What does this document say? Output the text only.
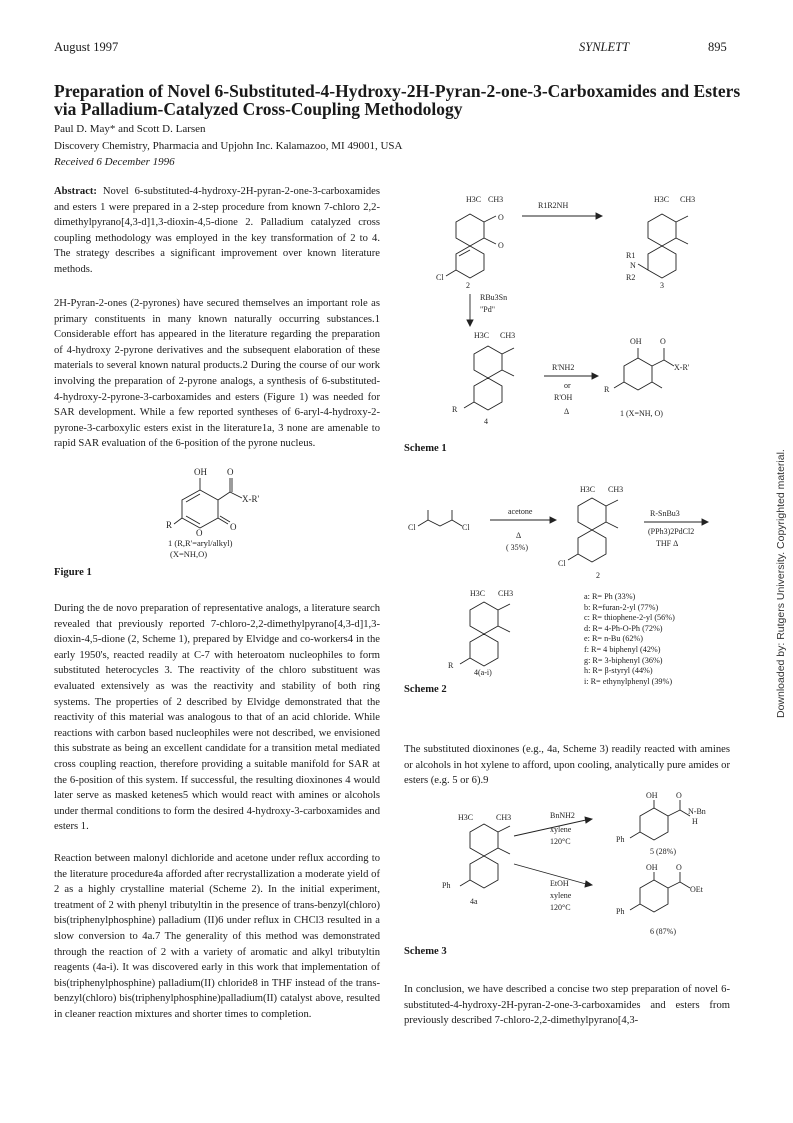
August 1997	SYNLETT	895
Preparation of Novel 6-Substituted-4-Hydroxy-2H-Pyran-2-one-3-Carboxamides and Esters via Palladium-Catalyzed Cross-Coupling Methodology
Paul D. May* and Scott D. Larsen
Discovery Chemistry, Pharmacia and Upjohn Inc. Kalamazoo, MI 49001, USA
Received 6 December 1996
Abstract: Novel 6-substituted-4-hydroxy-2H-pyran-2-one-3-carboxamides and esters 1 were prepared in a 2-step procedure from known 7-chloro 2,2-dimethylpyrano[4,3-d]1,3-dioxin-4,5-dione 2. Palladium catalyzed cross coupling methodology was employed in the key transformation of 2 to 4. The strategy describes a significant improvement over known literature methods.
2H-Pyran-2-ones (2-pyrones) have secured themselves an important role as primary constituents in many known naturally occurring substances.1 Considerable effort has appeared in the literature regarding the preparation of 4-hydroxy 2-pyrone derivatives and the subsequent elaboration of these materials to several known natural products.2 During the course of our work involving the preparation of 2-pyrone analogs, a synthesis of 6-substituted-4-hydroxy-2-pyrone-3-carboxamides and esters (Figure 1) was needed for SAR development. While a few reported syntheses of 6-aryl-4-hydroxy-2-pyrone-3-carboxylic esters exist in the literature1a, 3 none are amenable to rapid SAR evaluation of the 6-position of the pyrone nucleus.
OH O
X-R'
R
O
O
1 (R,R'=aryl/alkyl)
(X=NH,O)
Figure 1
During the de novo preparation of representative analogs, a literature search revealed that previously reported 7-chloro-2,2-dimethylpyrano[4,3-d]1,3-dioxin-4,5-dione (2, Scheme 1), prepared by Elvidge and co-workers4 in the early 1950's, reacted readily at C-7 with heteroatom nucleophiles to form substituted heterocycles 3. The reactivity of the chloro substituent was evaluated extensively as was the reactivity and stability of both ring systems. The properties of 2 described by Elvidge demonstrated that the reactivity of this material was analogous to that of an acid chloride. While reactions with carbon based nucleophiles were not described, we envisioned this substrate as being an excellent candidate for a transition metal mediated cross coupling reaction, therefore providing a suitable manifold for SAR at the 6-position of this system. If successful, the resulting dioxinones 4 would later serve as masked ketenes5 which would react with amines or alcohols under thermal conditions to form the desired 4-hydroxy-3-carboxamides and esters 1.
Reaction between malonyl dichloride and acetone under reflux according to the literature procedure4a afforded after recrystallization a moderate yield of 2 as a highly crystalline material (Scheme 2). In the initial experiment, treatment of 2 with phenyl tributyltin in the presence of trans-benzyl(chloro) bis(triphenylphosphine) palladium (II)6 under reflux in CHCl3 resulted in a slow conversion to 4a.7 The generality of this method was demonstrated through the reaction of 2 with a variety of aromatic and alkyl tributyltin reagents (4a-i). It was discovered early in this work that implementation of bis(triphenylphosphine) palladium(II) chloride8 in THF instead of the trans-benzyl(chloro) bis(triphenylphosphine)palladium(II) catalyst above, resulted in cleaner reaction mixtures and shorter times to completion.
H3C CH3
O
O
Cl
2
R1R2NH
H3C CH3
R1
N
R2
3
RBu3Sn
"Pd"
H3C CH3
R
4
R'NH2
or
R'OH
Δ
OH O
X-R'
R
1 (X=NH, O)
Scheme 1
Cl	Cl
acetone
Δ
( 35%)
H3C CH3
Cl
2
R-SnBu3
(PPh3)2PdCl2
THF Δ
H3C CH3
R
4(a-i)
a: R= Ph (33%)
b: R=furan-2-yl (77%)
c: R= thiophene-2-yl (56%)
d: R= 4-Ph-O-Ph (72%)
e: R= n-Bu (62%)
f: R= 4 biphenyl (42%)
g: R= 3-biphenyl (36%)
h: R= β-styryl (44%)
i: R= ethynylphenyl (39%)
Scheme 2
The substituted dioxinones (e.g., 4a, Scheme 3) readily reacted with amines or alcohols in hot xylene to afford, upon cooling, analytically pure amides or esters (e.g. 5 or 6).9
H3C	CH3
Ph
4a
BnNH2
xylene
120°C
EtOH
xylene
120°C
OH O
N-Bn
H
Ph
5 (28%)
OH O
OEt
Ph
6 (87%)
Scheme 3
In conclusion, we have described a concise two step preparation of novel 6-substituted-4-hydroxy-2H-pyran-2-one-3-carboxamides and esters from previously described 7-chloro-2,2-dimethylpyrano[4,3-
Downloaded by: Rutgers University. Copyrighted material.
